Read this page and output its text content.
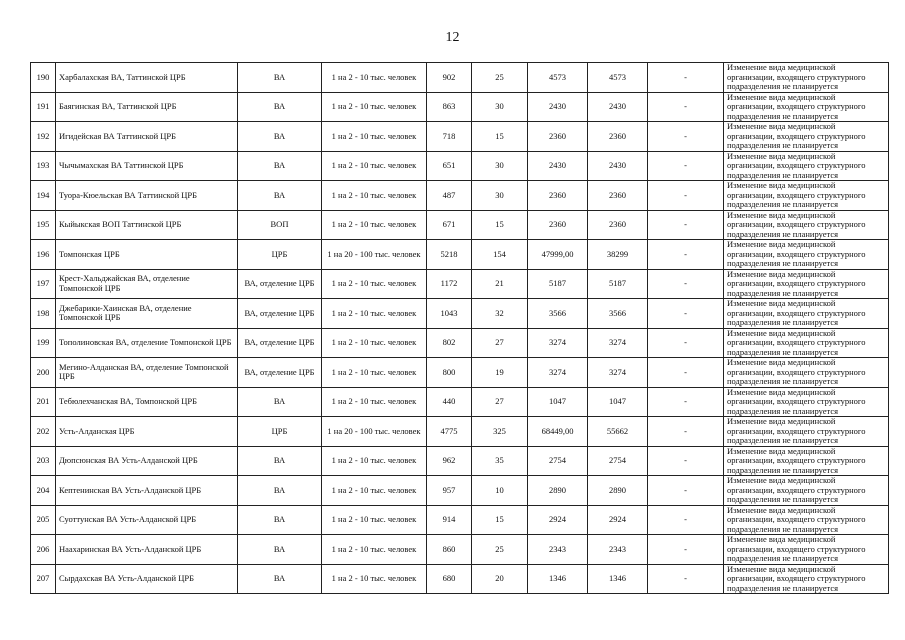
12
190	Харбалахская ВА, Таттинской ЦРБ	ВА	1 на 2 - 10 тыс. человек	902	25	4573	4573	-	Изменение вида медицинской организации, входящего структурного подразделения не планируется
191	Баягинская ВА, Таттинской ЦРБ	ВА	1 на 2 - 10 тыс. человек	863	30	2430	2430	-	Изменение вида медицинской организации, входящего структурного подразделения не планируется
192	Игидейская ВА Таттинской ЦРБ	ВА	1 на 2 - 10 тыс. человек	718	15	2360	2360	-	Изменение вида медицинской организации, входящего структурного подразделения не планируется
193	Чычымахская ВА Таттинской ЦРБ	ВА	1 на 2 - 10 тыс. человек	651	30	2430	2430	-	Изменение вида медицинской организации, входящего структурного подразделения не планируется
194	Туора-Кюельская ВА Таттинской ЦРБ	ВА	1 на 2 - 10 тыс. человек	487	30	2360	2360	-	Изменение вида медицинской организации, входящего структурного подразделения не планируется
195	Кыйыкская ВОП Таттинской ЦРБ	ВОП	1 на 2 - 10 тыс. человек	671	15	2360	2360	-	Изменение вида медицинской организации, входящего структурного подразделения не планируется
196	Томпонская ЦРБ	ЦРБ	1 на 20 - 100 тыс. человек	5218	154	47999,00	38299	-	Изменение вида медицинской организации, входящего структурного подразделения не планируется
197	Крест-Хальджайская ВА, отделение Томпонской ЦРБ	ВА, отделение ЦРБ	1 на 2 - 10 тыс. человек	1172	21	5187	5187	-	Изменение вида медицинской организации, входящего структурного подразделения не планируется
198	Джебарики-Хаинская ВА, отделение Томпонской ЦРБ	ВА, отделение ЦРБ	1 на 2 - 10 тыс. человек	1043	32	3566	3566	-	Изменение вида медицинской организации, входящего структурного подразделения не планируется
199	Тополиновская ВА, отделение Томпонской ЦРБ	ВА, отделение ЦРБ	1 на 2 - 10 тыс. человек	802	27	3274	3274	-	Изменение вида медицинской организации, входящего структурного подразделения не планируется
200	Мегино-Алданская ВА, отделение Томпонской ЦРБ	ВА, отделение ЦРБ	1 на 2 - 10 тыс. человек	800	19	3274	3274	-	Изменение вида медицинской организации, входящего структурного подразделения не планируется
201	Тебюлехчанская ВА, Томпонской ЦРБ	ВА	1 на 2 - 10 тыс. человек	440	27	1047	1047	-	Изменение вида медицинской организации, входящего структурного подразделения не планируется
202	Усть-Алданская ЦРБ	ЦРБ	1 на 20 - 100 тыс. человек	4775	325	68449,00	55662	-	Изменение вида медицинской организации, входящего структурного подразделения не планируется
203	Дюпсюнская ВА Усть-Алданской ЦРБ	ВА	1 на 2 - 10 тыс. человек	962	35	2754	2754	-	Изменение вида медицинской организации, входящего структурного подразделения не планируется
204	Кептенинская ВА Усть-Алданской ЦРБ	ВА	1 на 2 - 10 тыс. человек	957	10	2890	2890	-	Изменение вида медицинской организации, входящего структурного подразделения не планируется
205	Суоттунская ВА Усть-Алданской ЦРБ	ВА	1 на 2 - 10 тыс. человек	914	15	2924	2924	-	Изменение вида медицинской организации, входящего структурного подразделения не планируется
206	Наахаринская ВА Усть-Алданской ЦРБ	ВА	1 на 2 - 10 тыс. человек	860	25	2343	2343	-	Изменение вида медицинской организации, входящего структурного подразделения не планируется
207	Сырдахская ВА Усть-Алданской ЦРБ	ВА	1 на 2 - 10 тыс. человек	680	20	1346	1346	-	Изменение вида медицинской организации, входящего структурного подразделения не планируется
